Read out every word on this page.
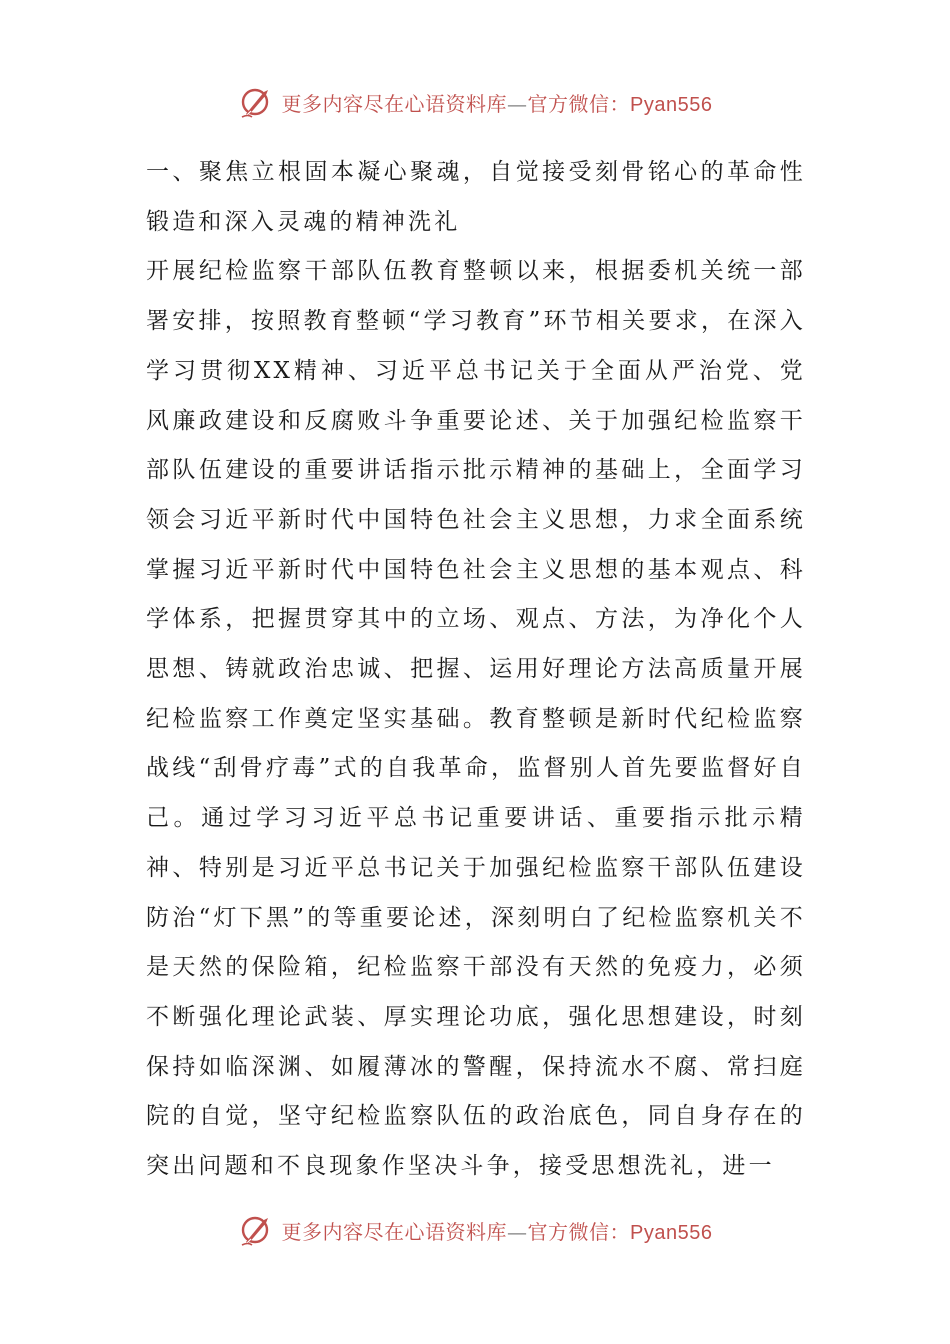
更多内容尽在心语资料库—官方微信：Pyan556

一、聚焦立根固本凝心聚魂，自觉接受刻骨铭心的革命性锻造和深入灵魂的精神洗礼

开展纪检监察干部队伍教育整顿以来，根据委机关统一部署安排，按照教育整顿“学习教育”环节相关要求，在深入学习贯彻XX精神、习近平总书记关于全面从严治党、党风廉政建设和反腐败斗争重要论述、关于加强纪检监察干部队伍建设的重要讲话指示批示精神的基础上，全面学习领会习近平新时代中国特色社会主义思想，力求全面系统掌握习近平新时代中国特色社会主义思想的基本观点、科学体系，把握贯穿其中的立场、观点、方法，为净化个人思想、铸就政治忠诚、把握、运用好理论方法高质量开展纪检监察工作奠定坚实基础。教育整顿是新时代纪检监察战线“刮骨疗毒”式的自我革命，监督别人首先要监督好自己。通过学习习近平总书记重要讲话、重要指示批示精神、特别是习近平总书记关于加强纪检监察干部队伍建设防治“灯下黑”的等重要论述，深刻明白了纪检监察机关不是天然的保险箱，纪检监察干部没有天然的免疫力，必须不断强化理论武装、厚实理论功底，强化思想建设，时刻保持如临深渊、如履薄冰的警醒，保持流水不腐、常扫庭院的自觉，坚守纪检监察队伍的政治底色，同自身存在的突出问题和不良现象作坚决斗争，接受思想洗礼，进一

更多内容尽在心语资料库—官方微信：Pyan556
